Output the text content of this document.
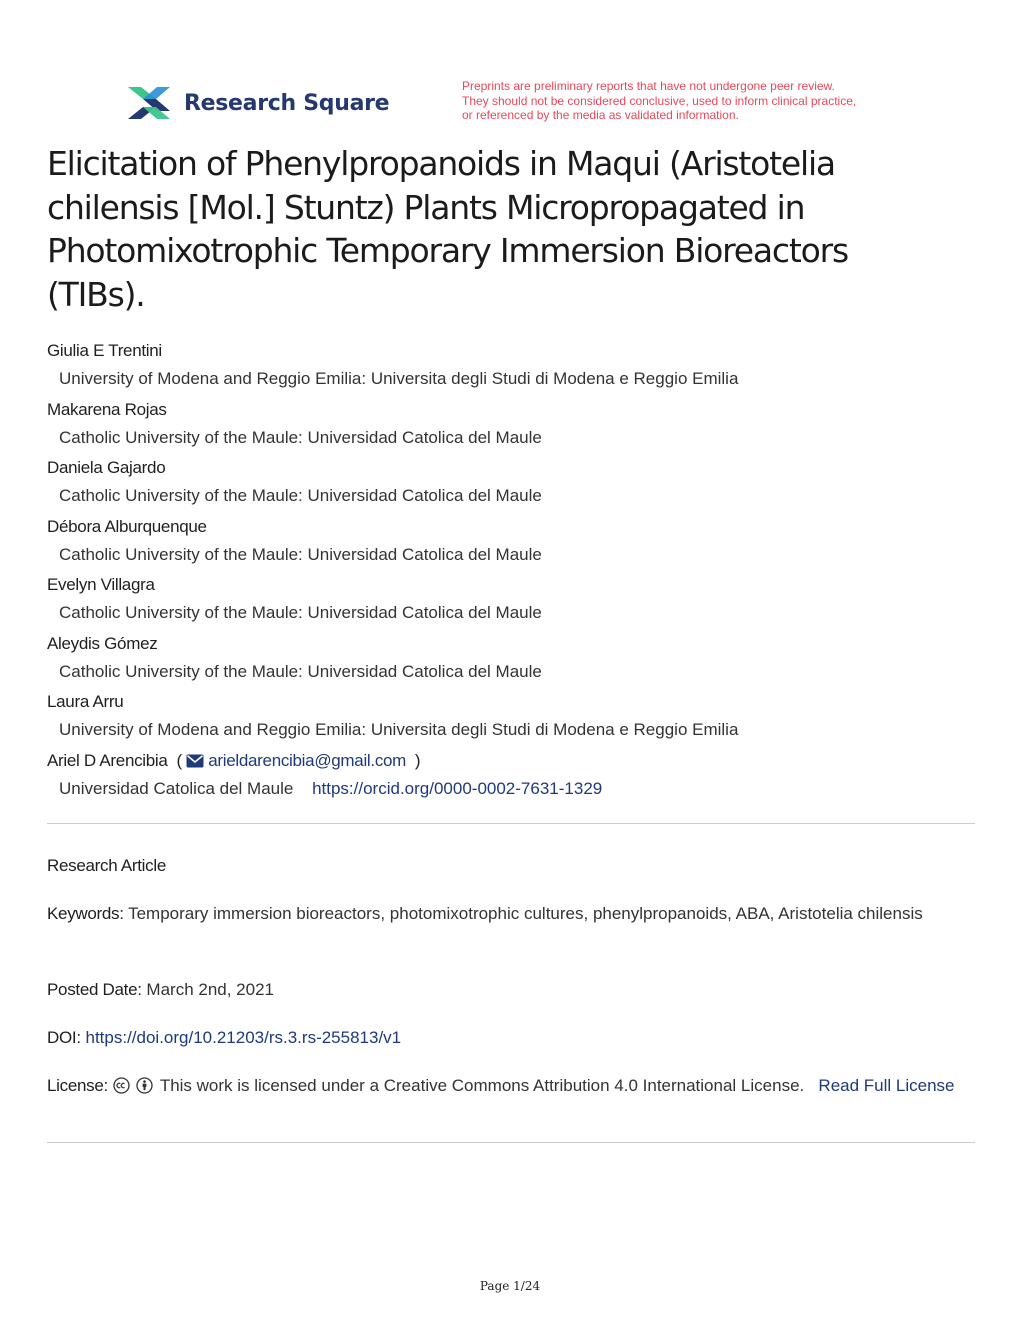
Research Square
Preprints are preliminary reports that have not undergone peer review.
They should not be considered conclusive, used to inform clinical practice,
or referenced by the media as validated information.
Elicitation of Phenylpropanoids in Maqui (Aristotelia
chilensis [Mol.] Stuntz) Plants Micropropagated in
Photomixotrophic Temporary Immersion Bioreactors
(TIBs).
Giulia E Trentini
University of Modena and Reggio Emilia: Universita degli Studi di Modena e Reggio Emilia
Makarena Rojas
Catholic University of the Maule: Universidad Catolica del Maule
Daniela Gajardo
Catholic University of the Maule: Universidad Catolica del Maule
Débora Alburquenque
Catholic University of the Maule: Universidad Catolica del Maule
Evelyn Villagra
Catholic University of the Maule: Universidad Catolica del Maule
Aleydis Gómez
Catholic University of the Maule: Universidad Catolica del Maule
Laura Arru
University of Modena and Reggio Emilia: Universita degli Studi di Modena e Reggio Emilia
Ariel D Arencibia  ( arieldarencibia@gmail.com  )
Universidad Catolica del Maule https://orcid.org/0000-0002-7631-1329
Research Article
Keywords: Temporary immersion bioreactors, photomixotrophic cultures, phenylpropanoids, ABA, Aristotelia chilensis
Posted Date: March 2nd, 2021
DOI: https://doi.org/10.21203/rs.3.rs-255813/v1
License:	This work is licensed under a Creative Commons Attribution 4.0 International License. Read Full License
Page 1/24
